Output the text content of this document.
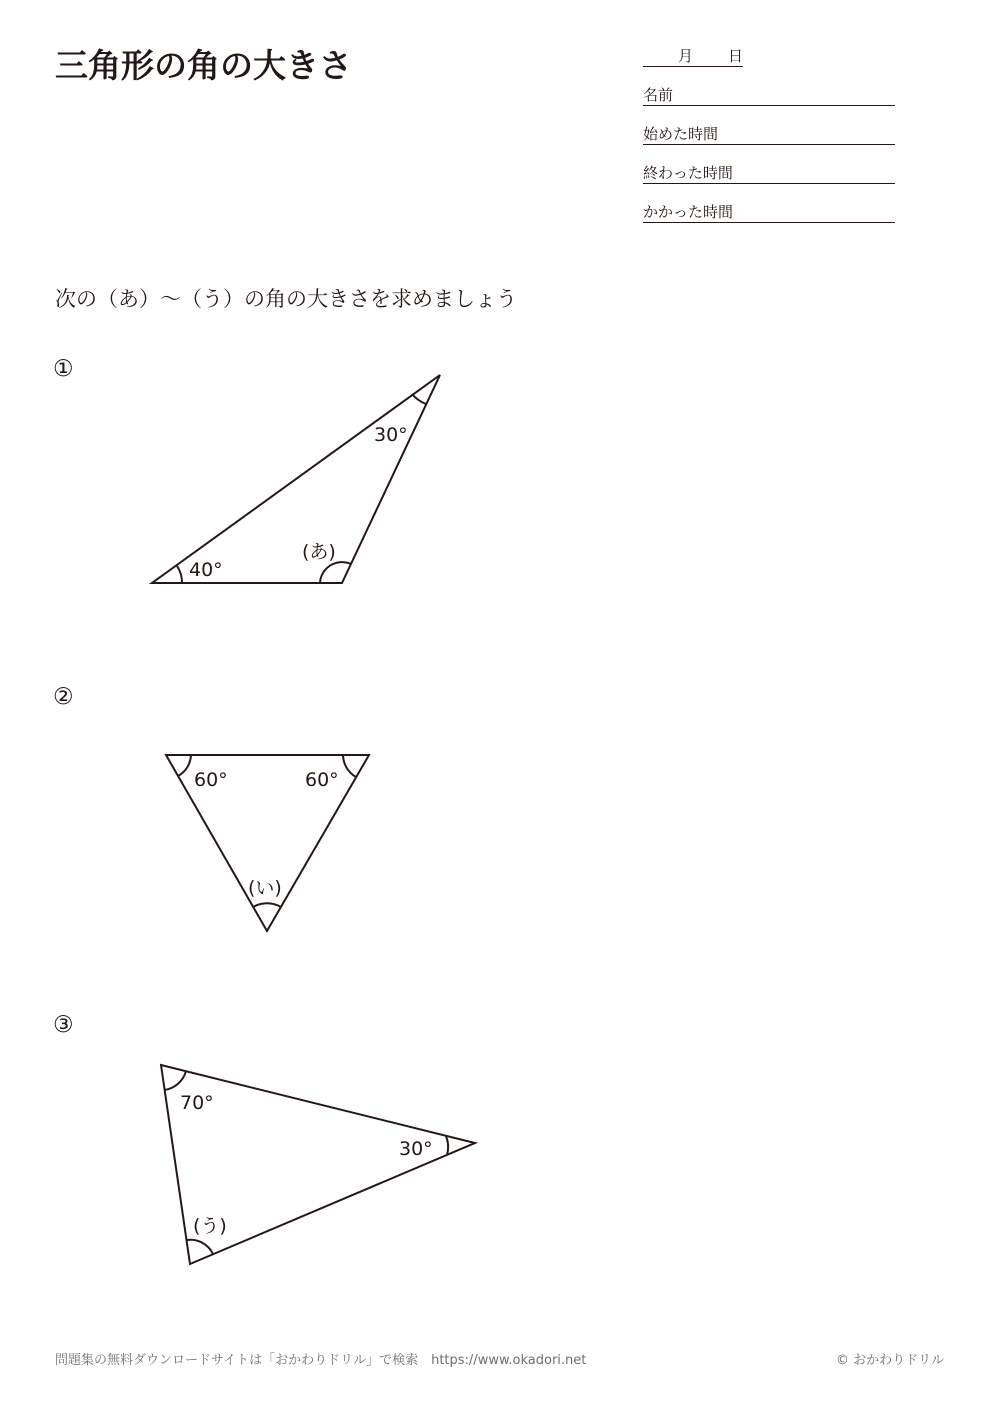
三角形の角の大きさ	月 日
名前
始めた時間
終わった時間
かかった時間
次の（あ）～（う）の角の大きさを求めましょう
①
②
③
30°
40°
(あ)
60°	60°
(い)
70°
30°
(う)
問題集の無料ダウンロードサイトは「おかわりドリル」で検索　https://www.okadori.net	© おかわりドリル
